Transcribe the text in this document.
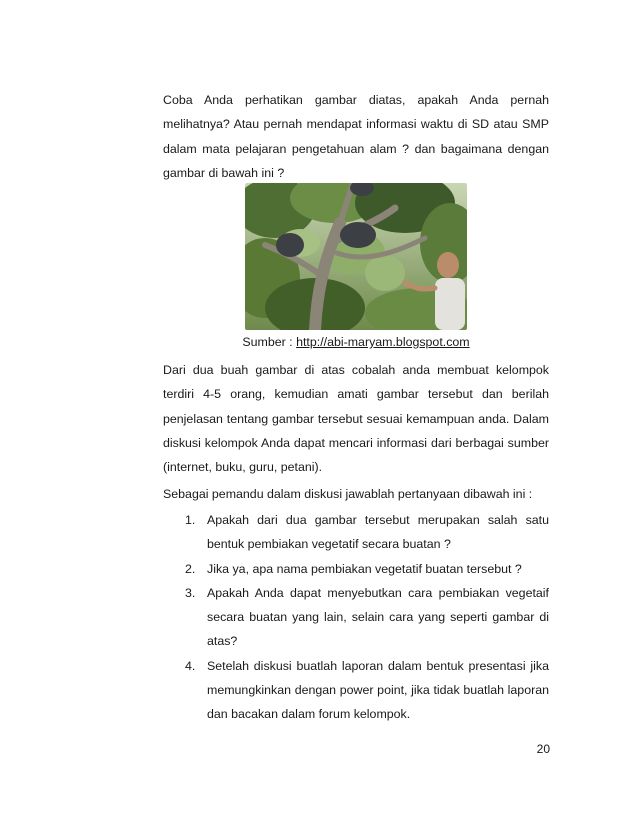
Coba Anda perhatikan gambar diatas, apakah Anda pernah melihatnya? Atau pernah mendapat informasi waktu di SD atau SMP dalam mata pelajaran pengetahuan alam ? dan bagaimana dengan gambar di bawah ini ?

Sumber : http://abi-maryam.blogspot.com

Dari dua buah gambar di atas cobalah anda membuat kelompok terdiri 4-5 orang, kemudian amati gambar tersebut dan berilah penjelasan tentang gambar tersebut sesuai kemampuan anda. Dalam diskusi kelompok Anda dapat mencari informasi dari berbagai sumber (internet, buku, guru, petani).

Sebagai pemandu dalam diskusi jawablah pertanyaan dibawah ini :

1. Apakah dari dua gambar tersebut merupakan salah satu bentuk pembiakan vegetatif secara buatan ?
2. Jika ya, apa nama pembiakan vegetatif buatan tersebut ?
3. Apakah Anda dapat menyebutkan cara pembiakan vegetaif secara buatan yang lain, selain cara yang seperti gambar di atas?
4. Setelah diskusi buatlah laporan dalam bentuk presentasi jika memungkinkan dengan power point, jika tidak buatlah laporan dan bacakan dalam forum kelompok.
20
